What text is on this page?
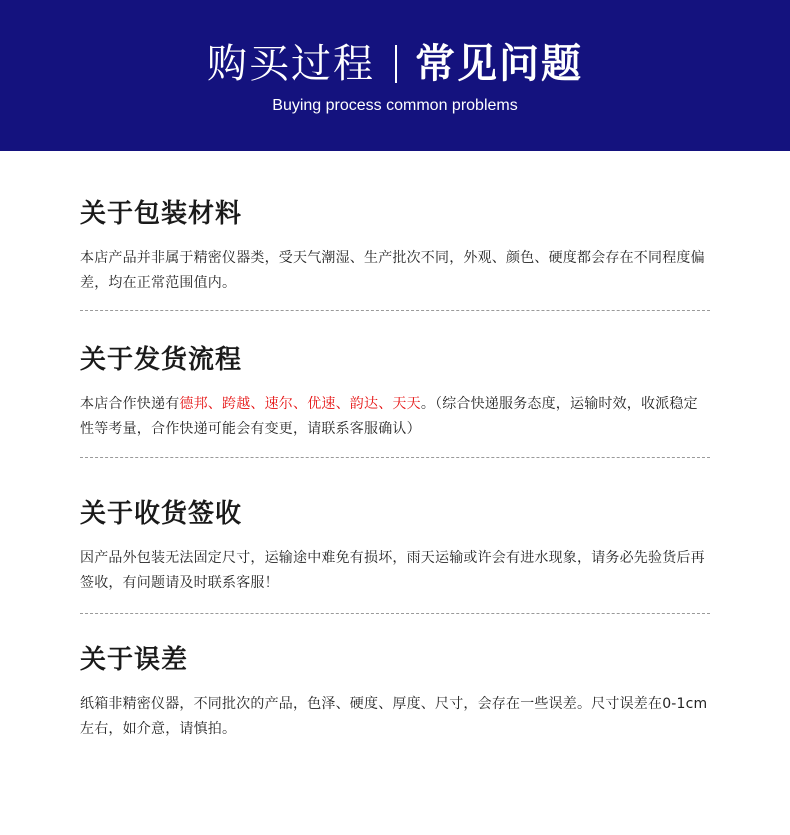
购买过程 常见问题
Buying process common problems
关于包装材料

本店产品并非属于精密仪器类，受天气潮湿、生产批次不同，外观、颜色、硬度都会存在不同程度偏差，均在正常范围值内。

关于发货流程

本店合作快递有德邦、跨越、速尔、优速、韵达、天天。（综合快递服务态度，运输时效，收派稳定性等考量，合作快递可能会有变更，请联系客服确认）

关于收货签收

因产品外包装无法固定尺寸，运输途中难免有损坏，雨天运输或许会有进水现象，请务必先验货后再签收，有问题请及时联系客服！

关于误差

纸箱非精密仪器，不同批次的产品，色泽、硬度、厚度、尺寸，会存在一些误差。尺寸误差在0-1cm左右，如介意，请慎拍。
